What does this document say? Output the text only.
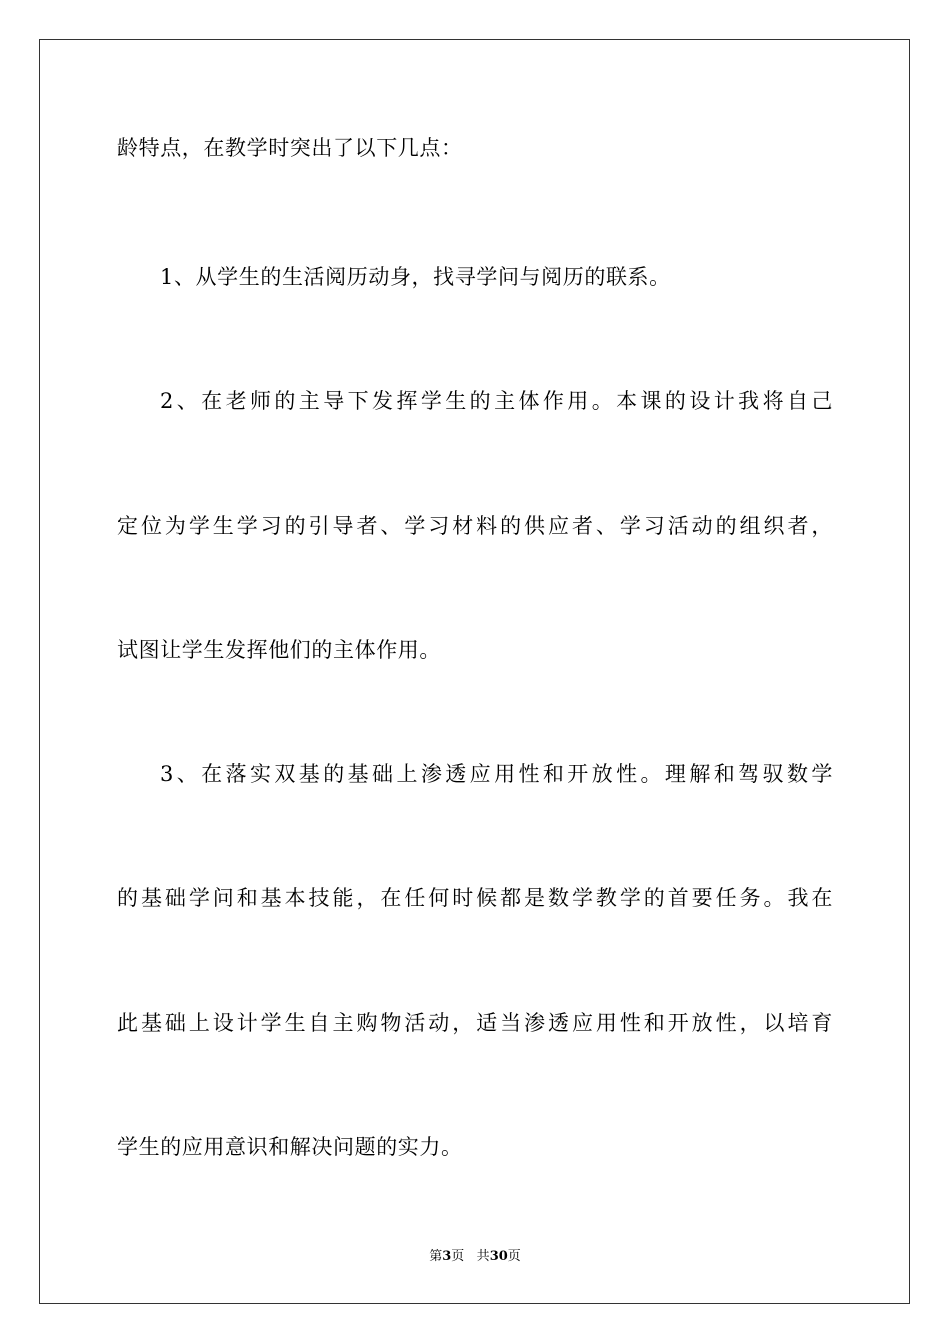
龄特点，在教学时突出了以下几点：
1、从学生的生活阅历动身，找寻学问与阅历的联系。
2、在老师的主导下发挥学生的主体作用。本课的设计我将自己
定位为学生学习的引导者、学习材料的供应者、学习活动的组织者，
试图让学生发挥他们的主体作用。
3、在落实双基的基础上渗透应用性和开放性。理解和驾驭数学
的基础学问和基本技能，在任何时候都是数学教学的首要任务。我在
此基础上设计学生自主购物活动，适当渗透应用性和开放性，以培育
学生的应用意识和解决问题的实力。
第3页 共30页
